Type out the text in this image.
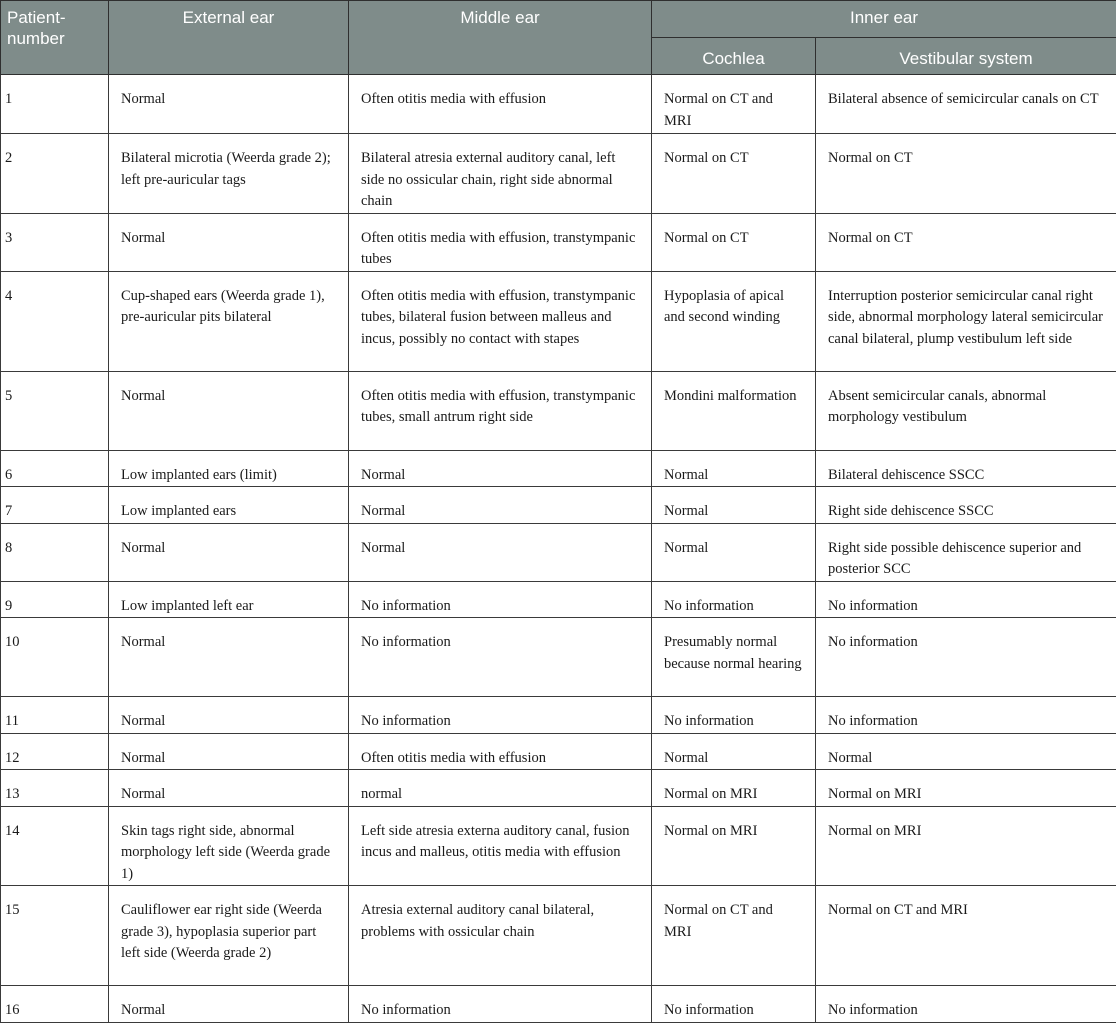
Patient-number	External ear	Middle ear	Inner ear	
			Cochlea	Vestibular system
1	Normal	Often otitis media with effusion	Normal on CT and MRI	Bilateral absence of semicircular canals on CT
2	Bilateral microtia (Weerda grade 2); left pre-auricular tags	Bilateral atresia external auditory canal, left side no ossicular chain, right side abnormal chain	Normal on CT	Normal on CT
3	Normal	Often otitis media with effusion, transtympanic tubes	Normal on CT	Normal on CT
4	Cup-shaped ears (Weerda grade 1), pre-auricular pits bilateral	Often otitis media with effusion, transtympanic tubes, bilateral fusion between malleus and incus, possibly no contact with stapes	Hypoplasia of apical and second winding	Interruption posterior semicircular canal right side, abnormal morphology lateral semicircular canal bilateral, plump vestibulum left side
5	Normal	Often otitis media with effusion, transtympanic tubes, small antrum right side	Mondini malformation	Absent semicircular canals, abnormal morphology vestibulum
6	Low implanted ears (limit)	Normal	Normal	Bilateral dehiscence SSCC
7	Low implanted ears	Normal	Normal	Right side dehiscence SSCC
8	Normal	Normal	Normal	Right side possible dehiscence superior and posterior SCC
9	Low implanted left ear	No information	No information	No information
10	Normal	No information	Presumably normal because normal hearing	No information
11	Normal	No information	No information	No information
12	Normal	Often otitis media with effusion	Normal	Normal
13	Normal	normal	Normal on MRI	Normal on MRI
14	Skin tags right side, abnormal morphology left side (Weerda grade 1)	Left side atresia externa auditory canal, fusion incus and malleus, otitis media with effusion	Normal on MRI	Normal on MRI
15	Cauliflower ear right side (Weerda grade 3), hypoplasia superior part left side (Weerda grade 2)	Atresia external auditory canal bilateral, problems with ossicular chain	Normal on CT and MRI	Normal on CT and MRI
16	Normal	No information	No information	No information
